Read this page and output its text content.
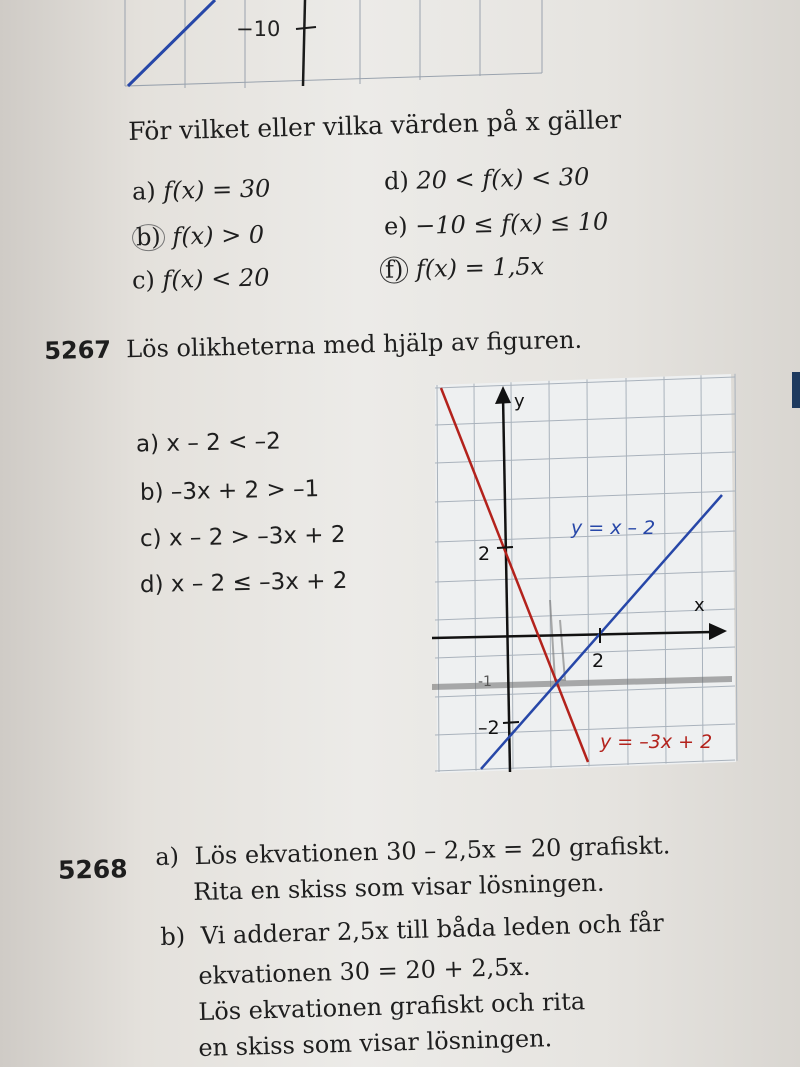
−10
För vilket eller vilka värden på x gäller
a) f(x) = 30
b) f(x) > 0
c) f(x) < 20
d) 20 < f(x) < 30
e) −10 ≤ f(x) ≤ 10
f) f(x) = 1,5x
5267 Lös olikheterna med hjälp av figuren.
a) x – 2 < –2
b) –3x + 2 > –1
c) x – 2 > –3x + 2
d) x – 2 ≤ –3x + 2
-1
y
x
2
2
–2
y = x – 2
y = –3x + 2
5268 a) Lös ekvationen 30 – 2,5x = 20 grafiskt.
Rita en skiss som visar lösningen.
b) Vi adderar 2,5x till båda leden och får
ekvationen 30 = 20 + 2,5x.
Lös ekvationen grafiskt och rita
en skiss som visar lösningen.
